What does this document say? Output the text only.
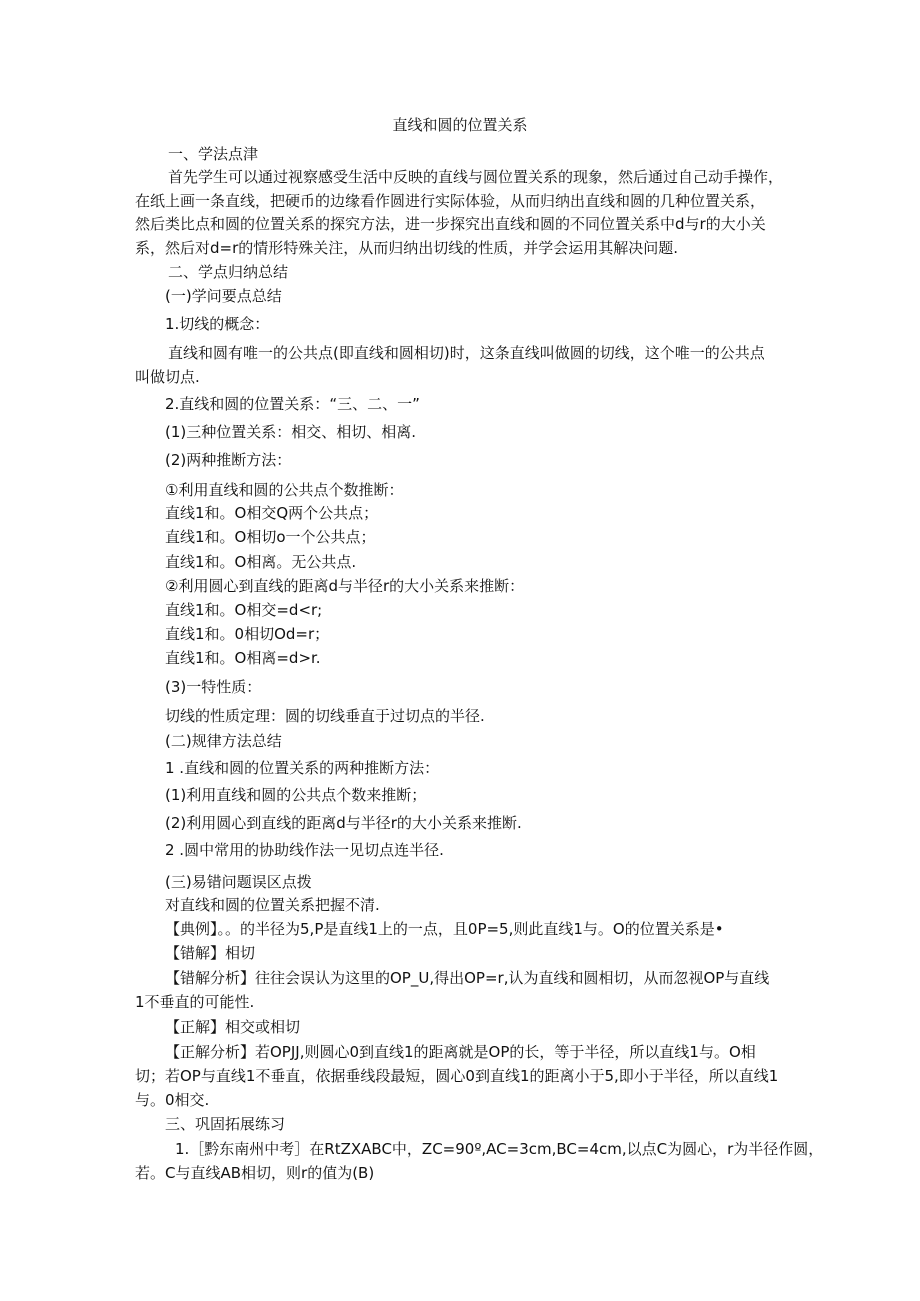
直线和圆的位置关系
一、学法点津
首先学生可以通过视察感受生活中反映的直线与圆位置关系的现象，然后通过自己动手操作，
在纸上画一条直线，把硬币的边缘看作圆进行实际体验，从而归纳出直线和圆的几种位置关系，
然后类比点和圆的位置关系的探究方法，进一步探究出直线和圆的不同位置关系中d与r的大小关
系，然后对d=r的情形特殊关注，从而归纳出切线的性质，并学会运用其解决问题.
二、学点归纳总结
(一)学问要点总结
1.切线的概念：
直线和圆有唯一的公共点(即直线和圆相切)时，这条直线叫做圆的切线，这个唯一的公共点
叫做切点.
2.直线和圆的位置关系：“三、二、一”
(1)三种位置关系：相交、相切、相离.
(2)两种推断方法：
①利用直线和圆的公共点个数推断：
直线1和。O相交Q两个公共点；
直线1和。O相切o一个公共点；
直线1和。O相离。无公共点.
②利用圆心到直线的距离d与半径r的大小关系来推断：
直线1和。O相交=d<r;
直线1和。0相切Od=r；
直线1和。O相离=d>r.
(3)一特性质：
切线的性质定理：圆的切线垂直于过切点的半径.
(二)规律方法总结
1 .直线和圆的位置关系的两种推断方法：
(1)利用直线和圆的公共点个数来推断；
(2)利用圆心到直线的距离d与半径r的大小关系来推断.
2 .圆中常用的协助线作法一见切点连半径.
(三)易错问题误区点拨
对直线和圆的位置关系把握不清.
【典例】。。的半径为5,P是直线1上的一点，且0P=5,则此直线1与。O的位置关系是•
【错解】相切
【错解分析】往往会误认为这里的OP_U,得出OP=r,认为直线和圆相切，从而忽视OP与直线
1不垂直的可能性.
【正解】相交或相切
【正解分析】若OPJJ,则圆心0到直线1的距离就是OP的长，等于半径，所以直线1与。O相
切；若OP与直线1不垂直，依据垂线段最短，圆心0到直线1的距离小于5,即小于半径，所以直线1
与。0相交.
三、巩固拓展练习
1.［黔东南州中考］在RtZXABC中，ZC=90º,AC=3cm,BC=4cm,以点C为圆心，r为半径作圆，
若。C与直线AB相切，则r的值为(B)
